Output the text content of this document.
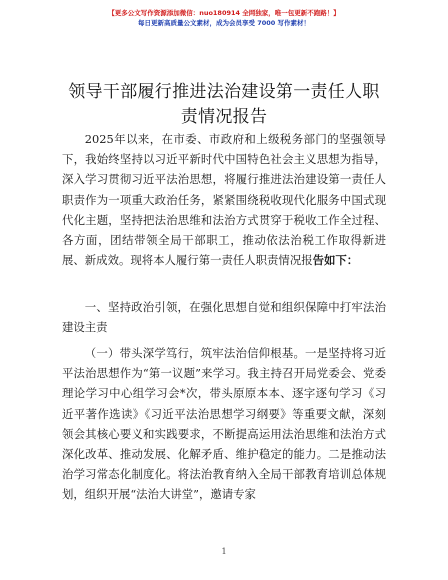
【更多公文写作资源添加微信：nuo180914 全网独家，唯一包更新不跑路！】
每日更新高质量公文素材，成为会员享受 7000 写作素材！
领导干部履行推进法治建设第一责任人职责情况报告

2025年以来，在市委、市政府和上级税务部门的坚强领导下，我始终坚持以习近平新时代中国特色社会主义思想为指导，深入学习贯彻习近平法治思想，将履行推进法治建设第一责任人职责作为一项重大政治任务，紧紧围绕税收现代化服务中国式现代化主题，坚持把法治思维和法治方式贯穿于税收工作全过程、各方面，团结带领全局干部职工，推动依法治税工作取得新进展、新成效。现将本人履行第一责任人职责情况报告如下：

一、坚持政治引领，在强化思想自觉和组织保障中打牢法治建设主责

（一）带头深学笃行，筑牢法治信仰根基。一是坚持将习近平法治思想作为“第一议题”来学习。我主持召开局党委会、党委理论学习中心组学习会*次，带头原原本本、逐字逐句学习《习近平著作选读》《习近平法治思想学习纲要》等重要文献，深刻领会其核心要义和实践要求，不断提高运用法治思维和法治方式深化改革、推动发展、化解矛盾、维护稳定的能力。二是推动法治学习常态化制度化。将法治教育纳入全局干部教育培训总体规划，组织开展“法治大讲堂”，邀请专家

1
